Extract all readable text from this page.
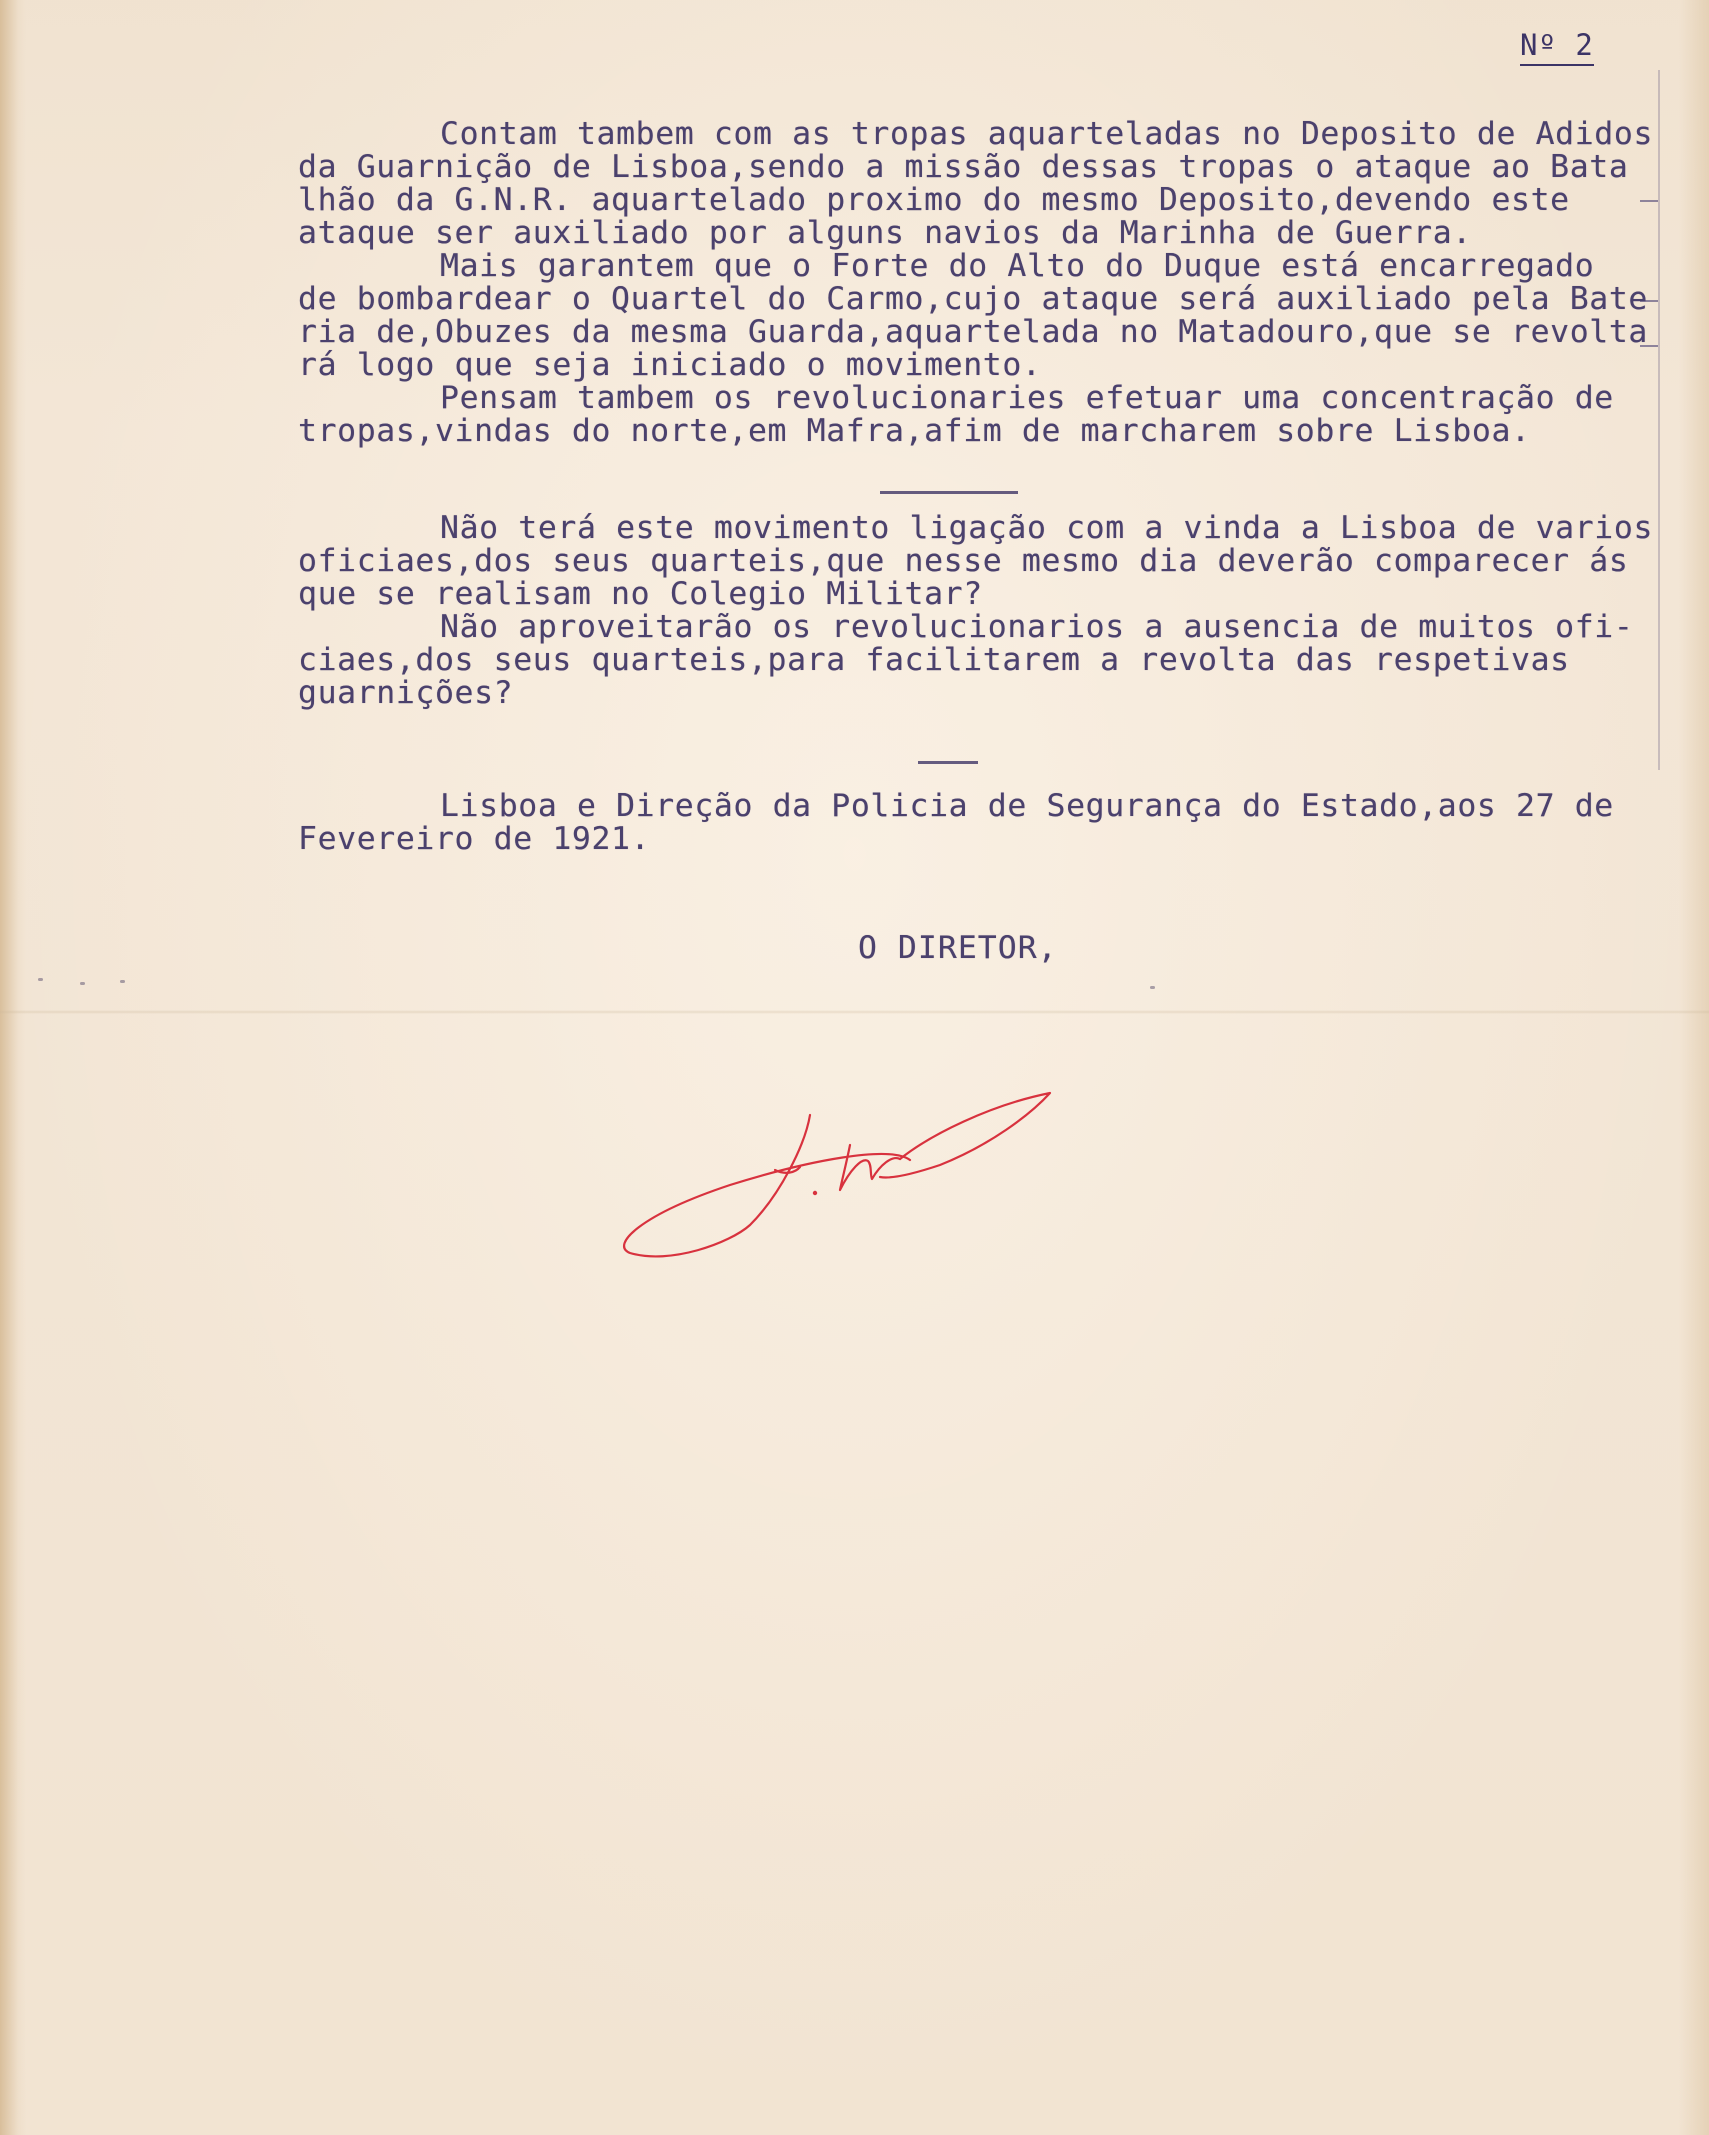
Nº 2
Contam tambem com as tropas aquarteladas no Deposito de Adidos
da Guarnição de Lisboa,sendo a missão dessas tropas o ataque ao Bata
lhão da G.N.R. aquartelado proximo do mesmo Deposito,devendo este
ataque ser auxiliado por alguns navios da Marinha de Guerra.
Mais garantem que o Forte do Alto do Duque está encarregado
de bombardear o Quartel do Carmo,cujo ataque será auxiliado pela Bate
ria de,Obuzes da mesma Guarda,aquartelada no Matadouro,que se revolta
rá logo que seja iniciado o movimento.
Pensam tambem os revolucionaries efetuar uma concentração de
tropas,vindas do norte,em Mafra,afim de marcharem sobre Lisboa.
Não terá este movimento ligação com a vinda a Lisboa de varios
oficiaes,dos seus quarteis,que nesse mesmo dia deverão comparecer ás
que se realisam no Colegio Militar?
Não aproveitarão os revolucionarios a ausencia de muitos ofi-
ciaes,dos seus quarteis,para facilitarem a revolta das respetivas
guarnições?
Lisboa e Direção da Policia de Segurança do Estado,aos 27 de
Fevereiro de 1921.
O DIRETOR,
